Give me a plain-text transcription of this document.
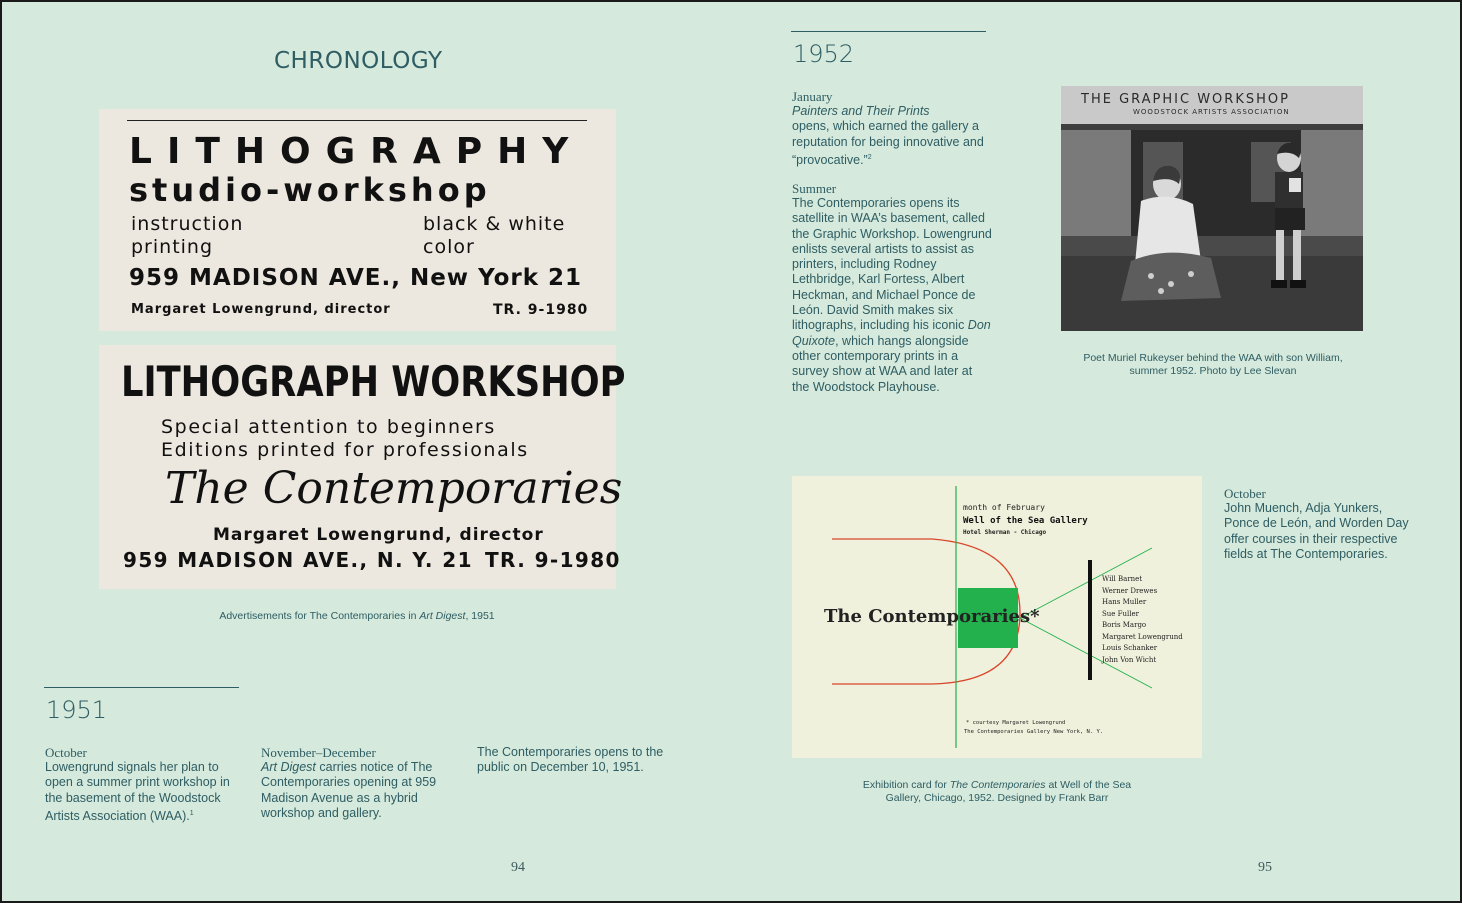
CHRONOLOGY
LITHOGRAPHY
studio-workshop
instruction
printing
black & white
color
959 MADISON AVE., New York 21
Margaret Lowengrund, director	TR. 9-1980
LITHOGRAPH WORKSHOP
Special attention to beginners
Editions printed for professionals
The Contemporaries
Margaret Lowengrund, director
959 MADISON AVE., N. Y. 21 TR. 9-1980
Advertisements for The Contemporaries in Art Digest, 1951
1951
October
Lowengrund signals her plan to open a summer print workshop in the basement of the Woodstock Artists Association (WAA).$^1$
November–December
Art Digest carries notice of The Contemporaries opening at 959 Madison Avenue as a hybrid workshop and gallery.
The Contemporaries opens to the public on December 10, 1951.
94
1952
January
Painters and Their Prints
opens, which earned the gallery a reputation for being innovative and “provocative.”$^2$
Summer
The Contemporaries opens its satellite in WAA’s basement, called the Graphic Workshop. Lowengrund enlists several artists to assist as printers, including Rodney Lethbridge, Karl Fortess, Albert Heckman, and Michael Ponce de León. David Smith makes six lithographs, including his iconic Don Quixote, which hangs alongside other contemporary prints in a survey show at WAA and later at the Woodstock Playhouse.
THE GRAPHIC WORKSHOP
WOODSTOCK ARTISTS ASSOCIATION
Poet Muriel Rukeyser behind the WAA with son William, summer 1952. Photo by Lee Slevan
month of February
Well of the Sea Gallery
Hotel Sherman - Chicago
The Contemporaries*
Will Barnet
Werner Drewes
Hans Muller
Sue Fuller
Boris Margo
Margaret Lowengrund
Louis Schanker
John Von Wicht
* courtesy Margaret Lowengrund
The Contemporaries Gallery New York, N. Y.
Exhibition card for The Contemporaries at Well of the Sea Gallery, Chicago, 1952. Designed by Frank Barr
October
John Muench, Adja Yunkers, Ponce de León, and Worden Day offer courses in their respective fields at The Contemporaries.
95
